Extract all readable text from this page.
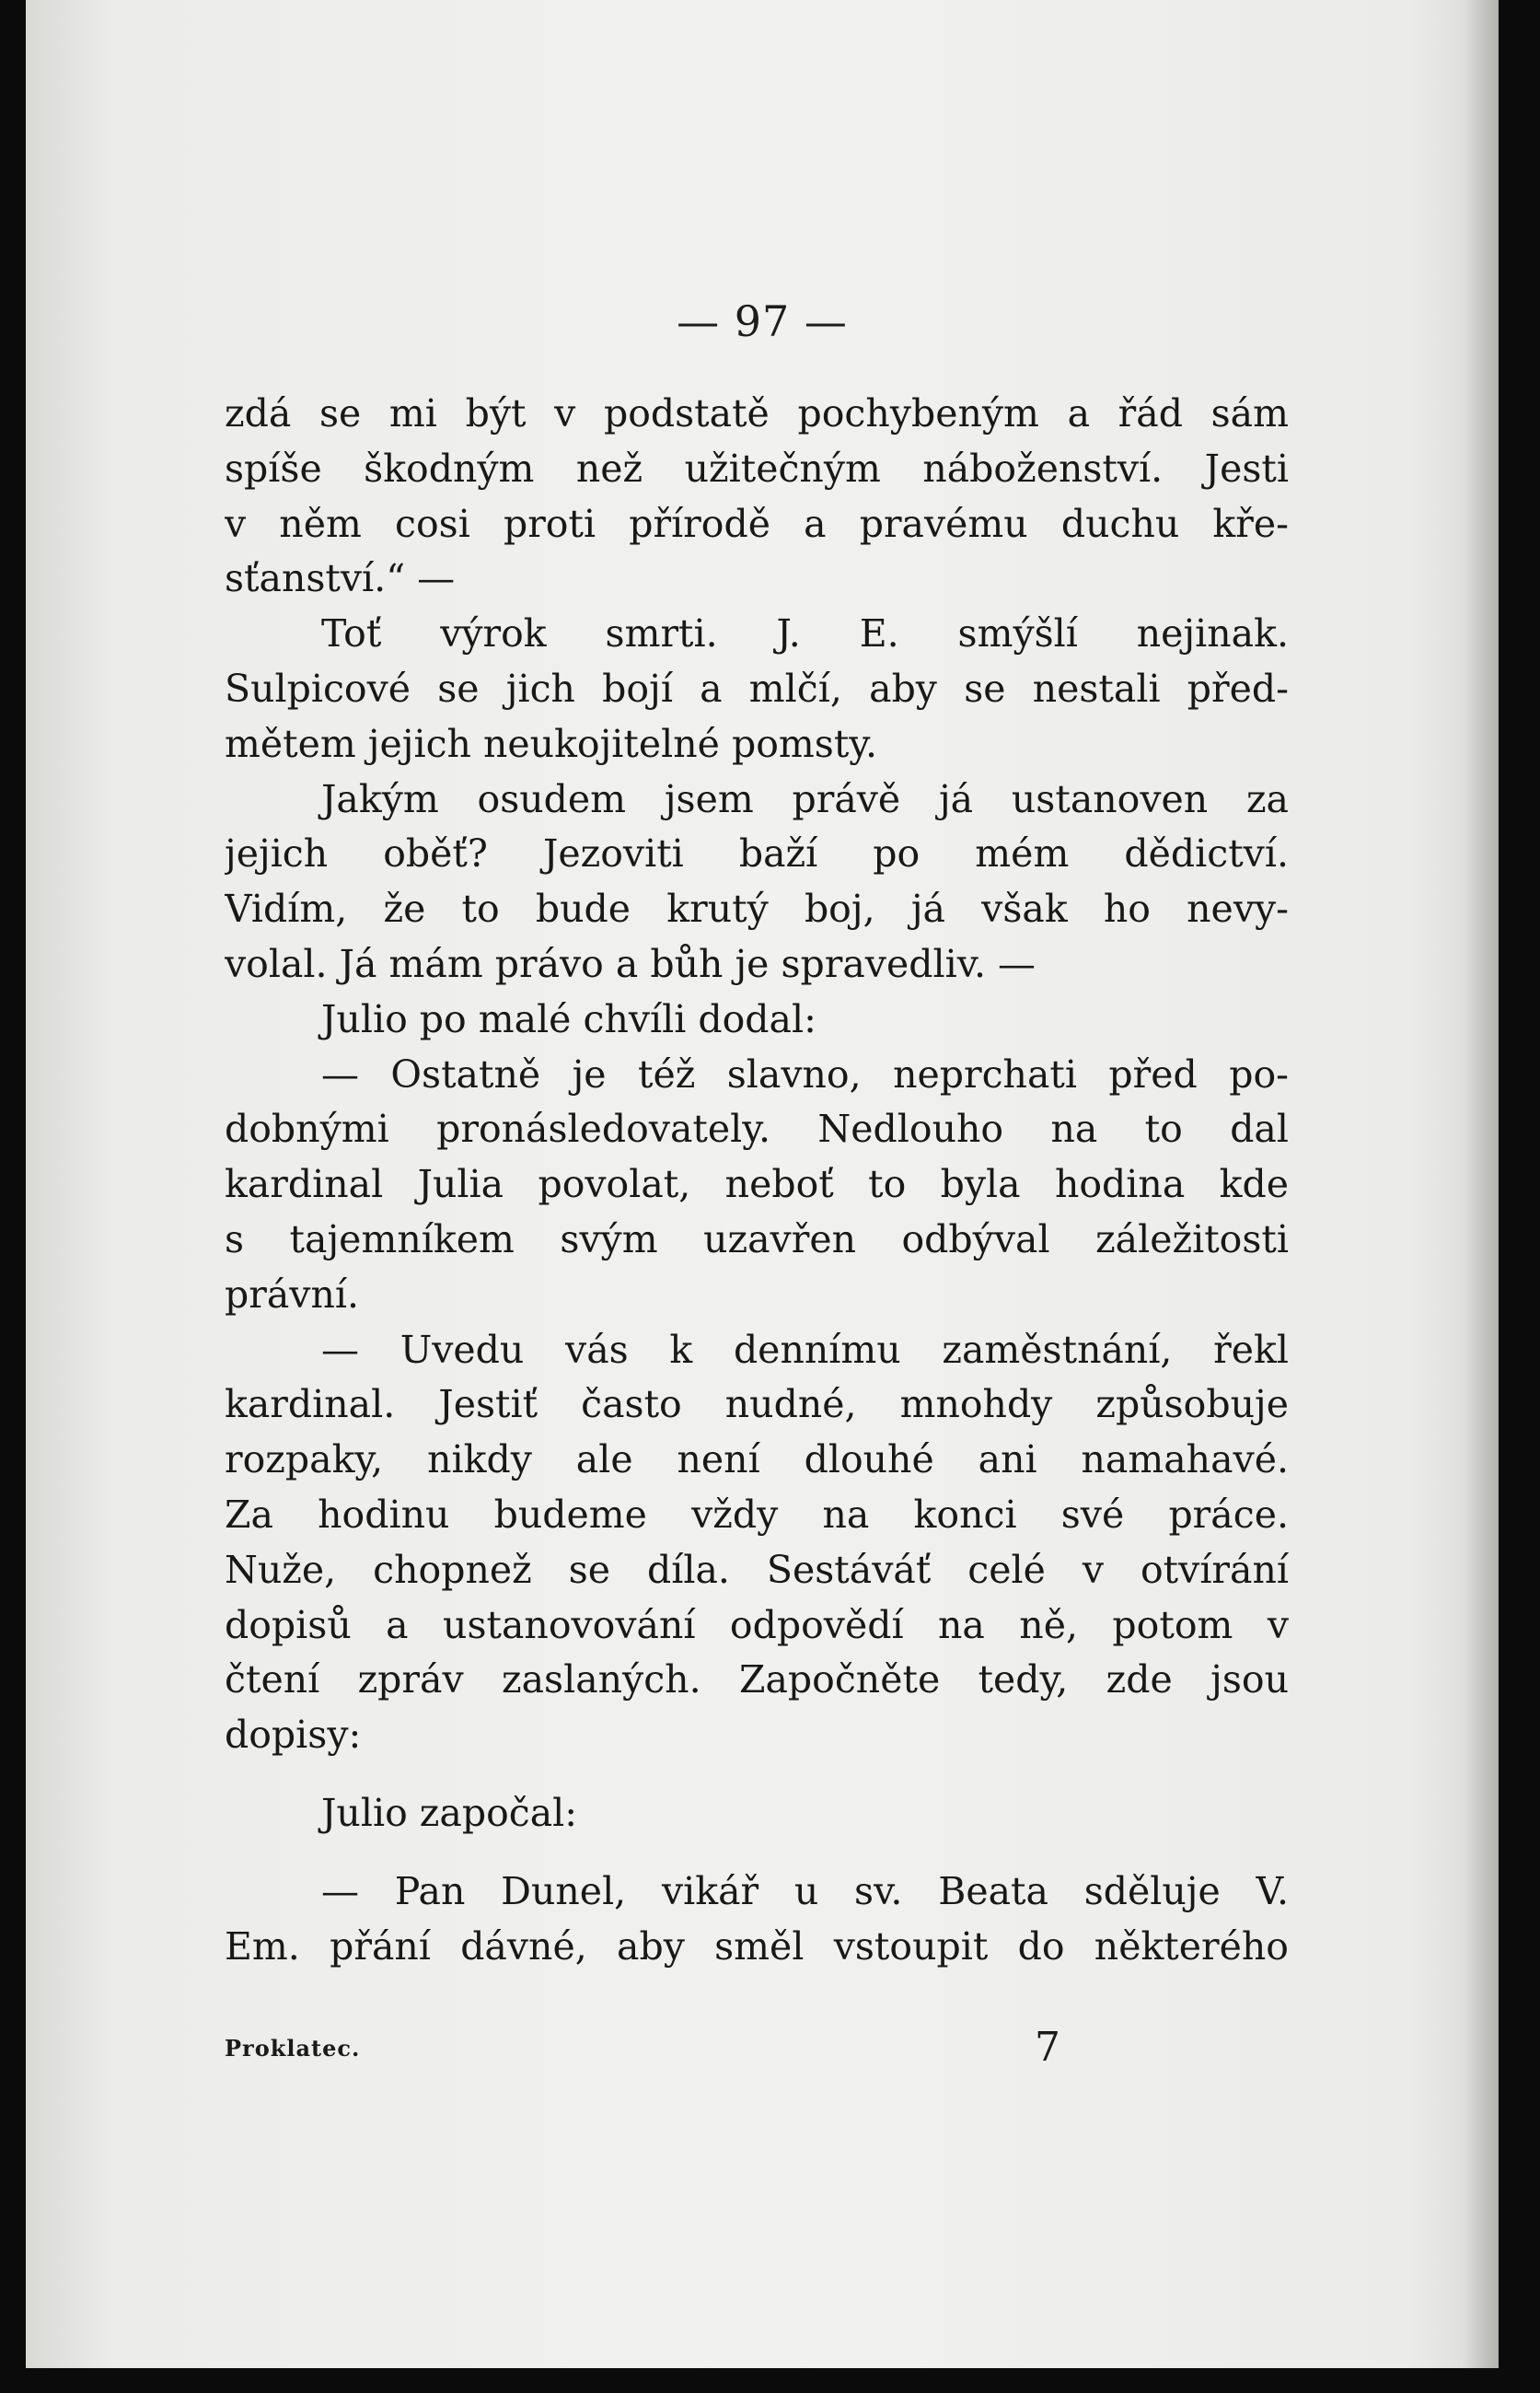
— 97 —
zdá se mi být v podstatě pochybeným a řád sám
spíše škodným než užitečným náboženství. Jesti
v něm cosi proti přírodě a pravému duchu kře-
sťanství.“ —
Toť výrok smrti. J. E. smýšlí nejinak.
Sulpicové se jich bojí a mlčí, aby se nestali před-
mětem jejich neukojitelné pomsty.
Jakým osudem jsem právě já ustanoven za
jejich oběť? Jezoviti baží po mém dědictví.
Vidím, že to bude krutý boj, já však ho nevy-
volal. Já mám právo a bůh je spravedliv. —
Julio po malé chvíli dodal:
— Ostatně je též slavno, neprchati před po-
dobnými pronásledovately. Nedlouho na to dal
kardinal Julia povolat, neboť to byla hodina kde
s tajemníkem svým uzavřen odbýval záležitosti
právní.
— Uvedu vás k dennímu zaměstnání, řekl
kardinal. Jestiť často nudné, mnohdy způsobuje
rozpaky, nikdy ale není dlouhé ani namahavé.
Za hodinu budeme vždy na konci své práce.
Nuže, chopnež se díla. Sestáváť celé v otvírání
dopisů a ustanovování odpovědí na ně, potom v
čtení zpráv zaslaných. Započněte tedy, zde jsou
dopisy:
Julio započal:
— Pan Dunel, vikář u sv. Beata sděluje V.
Em. přání dávné, aby směl vstoupit do některého
Proklatec.	7
